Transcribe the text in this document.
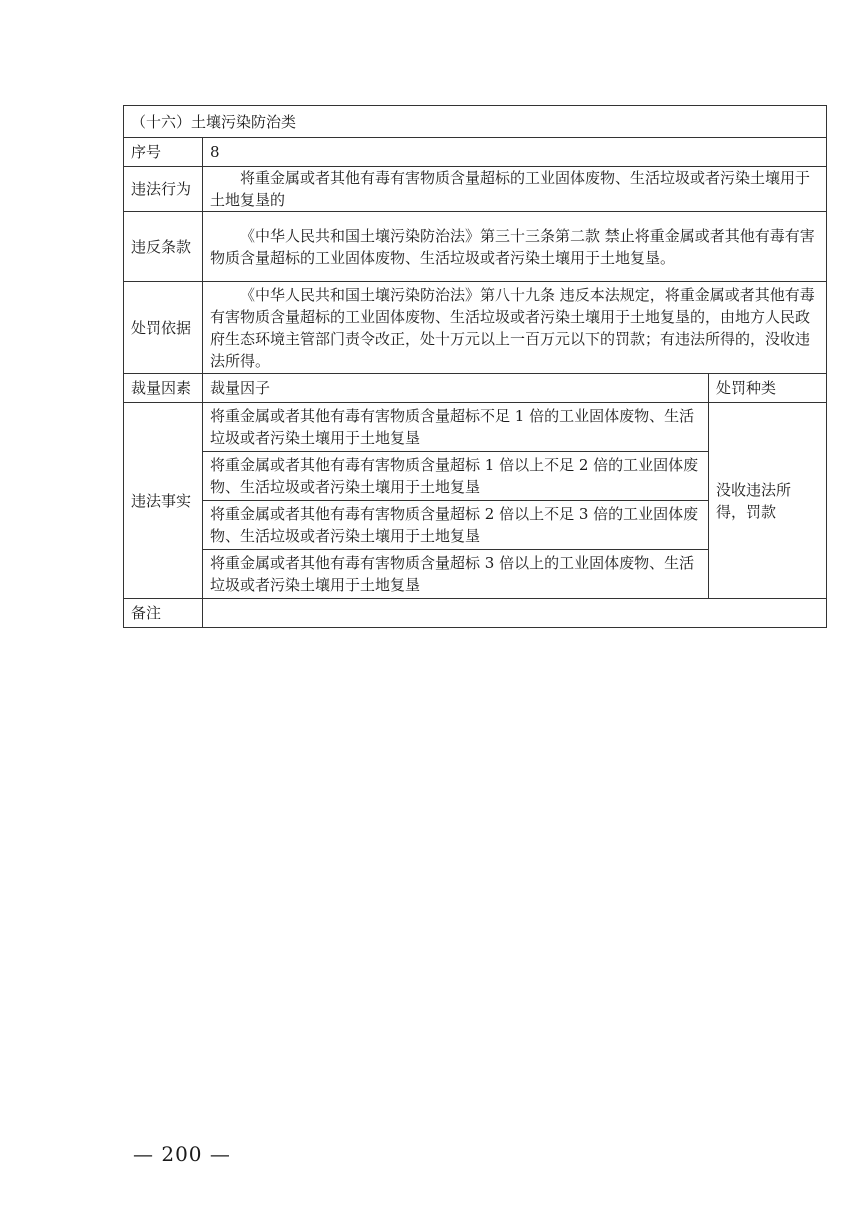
（十六）土壤污染防治类		
序号	8	
违法行为	将重金属或者其他有毒有害物质含量超标的工业固体废物、生活垃圾或者污染土壤用于土地复垦的	
违反条款	《中华人民共和国土壤污染防治法》第三十三条第二款 禁止将重金属或者其他有毒有害物质含量超标的工业固体废物、生活垃圾或者污染土壤用于土地复垦。	
处罚依据	《中华人民共和国土壤污染防治法》第八十九条 违反本法规定，将重金属或者其他有毒有害物质含量超标的工业固体废物、生活垃圾或者污染土壤用于土地复垦的，由地方人民政府生态环境主管部门责令改正，处十万元以上一百万元以下的罚款；有违法所得的，没收违法所得。	
裁量因素	裁量因子	处罚种类
违法事实	将重金属或者其他有毒有害物质含量超标不足 1 倍的工业固体废物、生活垃圾或者污染土壤用于土地复垦	没收违法所得，罚款
	将重金属或者其他有毒有害物质含量超标 1 倍以上不足 2 倍的工业固体废物、生活垃圾或者污染土壤用于土地复垦	
	将重金属或者其他有毒有害物质含量超标 2 倍以上不足 3 倍的工业固体废物、生活垃圾或者污染土壤用于土地复垦	
	将重金属或者其他有毒有害物质含量超标 3 倍以上的工业固体废物、生活垃圾或者污染土壤用于土地复垦	
备注		
— 200 —
